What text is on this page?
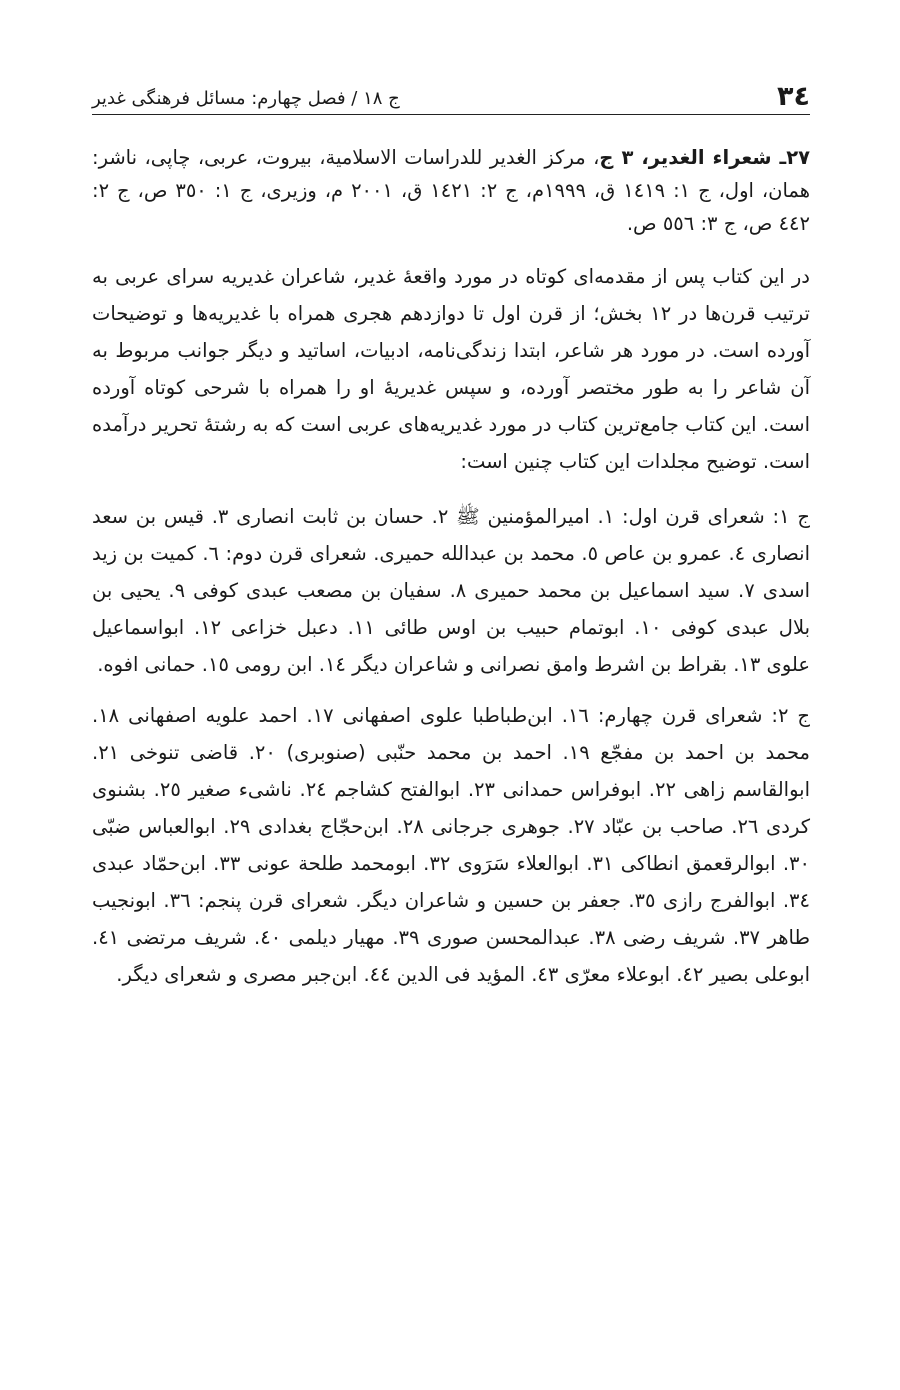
٣٤
ج ١٨ / فصل چهارم: مسائل فرهنگی غدیر
٢٧ـ شعراء الغدیر، ٣ ج، مرکز الغدیر للدراسات الاسلامیة، بیروت، عربی، چاپی، ناشر: همان، اول، ج ١: ١٤١٩ ق، ١٩٩٩م، ج ٢: ١٤٢١ ق، ٢٠٠١ م، وزیری، ج ١: ٣٥٠ ص، ج ٢: ٤٤٢ ص، ج ٣: ٥٥٦ ص.

در این کتاب پس از مقدمه‌ای کوتاه در مورد واقعهٔ غدیر، شاعران غدیریه سرای عربی به ترتیب قرن‌ها در ١٢ بخش؛ از قرن اول تا دوازدهم هجری همراه با غدیریه‌ها و توضیحات آورده است. در مورد هر شاعر، ابتدا زندگی‌نامه، ادبیات، اساتید و دیگر جوانب مربوط به آن شاعر را به طور مختصر آورده، و سپس غدیریهٔ او را همراه با شرحی کوتاه آورده است. این کتاب جامع‌ترین کتاب در مورد غدیریه‌های عربی است که به رشتهٔ تحریر درآمده است. توضیح مجلدات این کتاب چنین است:

ج ١: شعرای قرن اول: ١. امیرالمؤمنین ﷺ ٢. حسان بن ثابت انصاری ٣. قیس بن سعد انصاری ٤. عمرو بن عاص ٥. محمد بن عبدالله حمیری. شعرای قرن دوم: ٦. کمیت بن زید اسدی ٧. سید اسماعیل بن محمد حمیری ٨. سفیان بن مصعب عبدی کوفی ٩. یحیی بن بلال عبدی کوفی ١٠. ابوتمام حبیب بن اوس طائی ١١. دعبل خزاعی ١٢. ابواسماعیل علوی ١٣. بقراط بن اشرط وامق نصرانی و شاعران دیگر ١٤. ابن رومی ١٥. حمانی افوه.

ج ٢: شعرای قرن چهارم: ١٦. ابن‌طباطبا علوی اصفهانی ١٧. احمد علویه اصفهانی ١٨. محمد بن احمد بن مفجّع ١٩. احمد بن محمد حنّبی (صنوبری) ٢٠. قاضی تنوخی ٢١. ابوالقاسم زاهی ٢٢. ابوفراس حمدانی ٢٣. ابوالفتح کشاجم ٢٤. ناشیء صغیر ٢٥. بشنوی کردی ٢٦. صاحب بن عبّاد ٢٧. جوهری جرجانی ٢٨. ابن‌حجّاج بغدادی ٢٩. ابوالعباس ضبّی ٣٠. ابوالرقعمق انطاکی ٣١. ابوالعلاء سَرَوی ٣٢. ابومحمد طلحة عونی ٣٣. ابن‌حمّاد عبدی ٣٤. ابوالفرج رازی ٣٥. جعفر بن حسین و شاعران دیگر. شعرای قرن پنجم: ٣٦. ابونجیب طاهر ٣٧. شریف رضی ٣٨. عبدالمحسن صوری ٣٩. مهیار دیلمی ٤٠. شریف مرتضی ٤١. ابوعلی بصیر ٤٢. ابوعلاء معرّی ٤٣. المؤید فی الدین ٤٤. ابن‌جبر مصری و شعرای دیگر.
